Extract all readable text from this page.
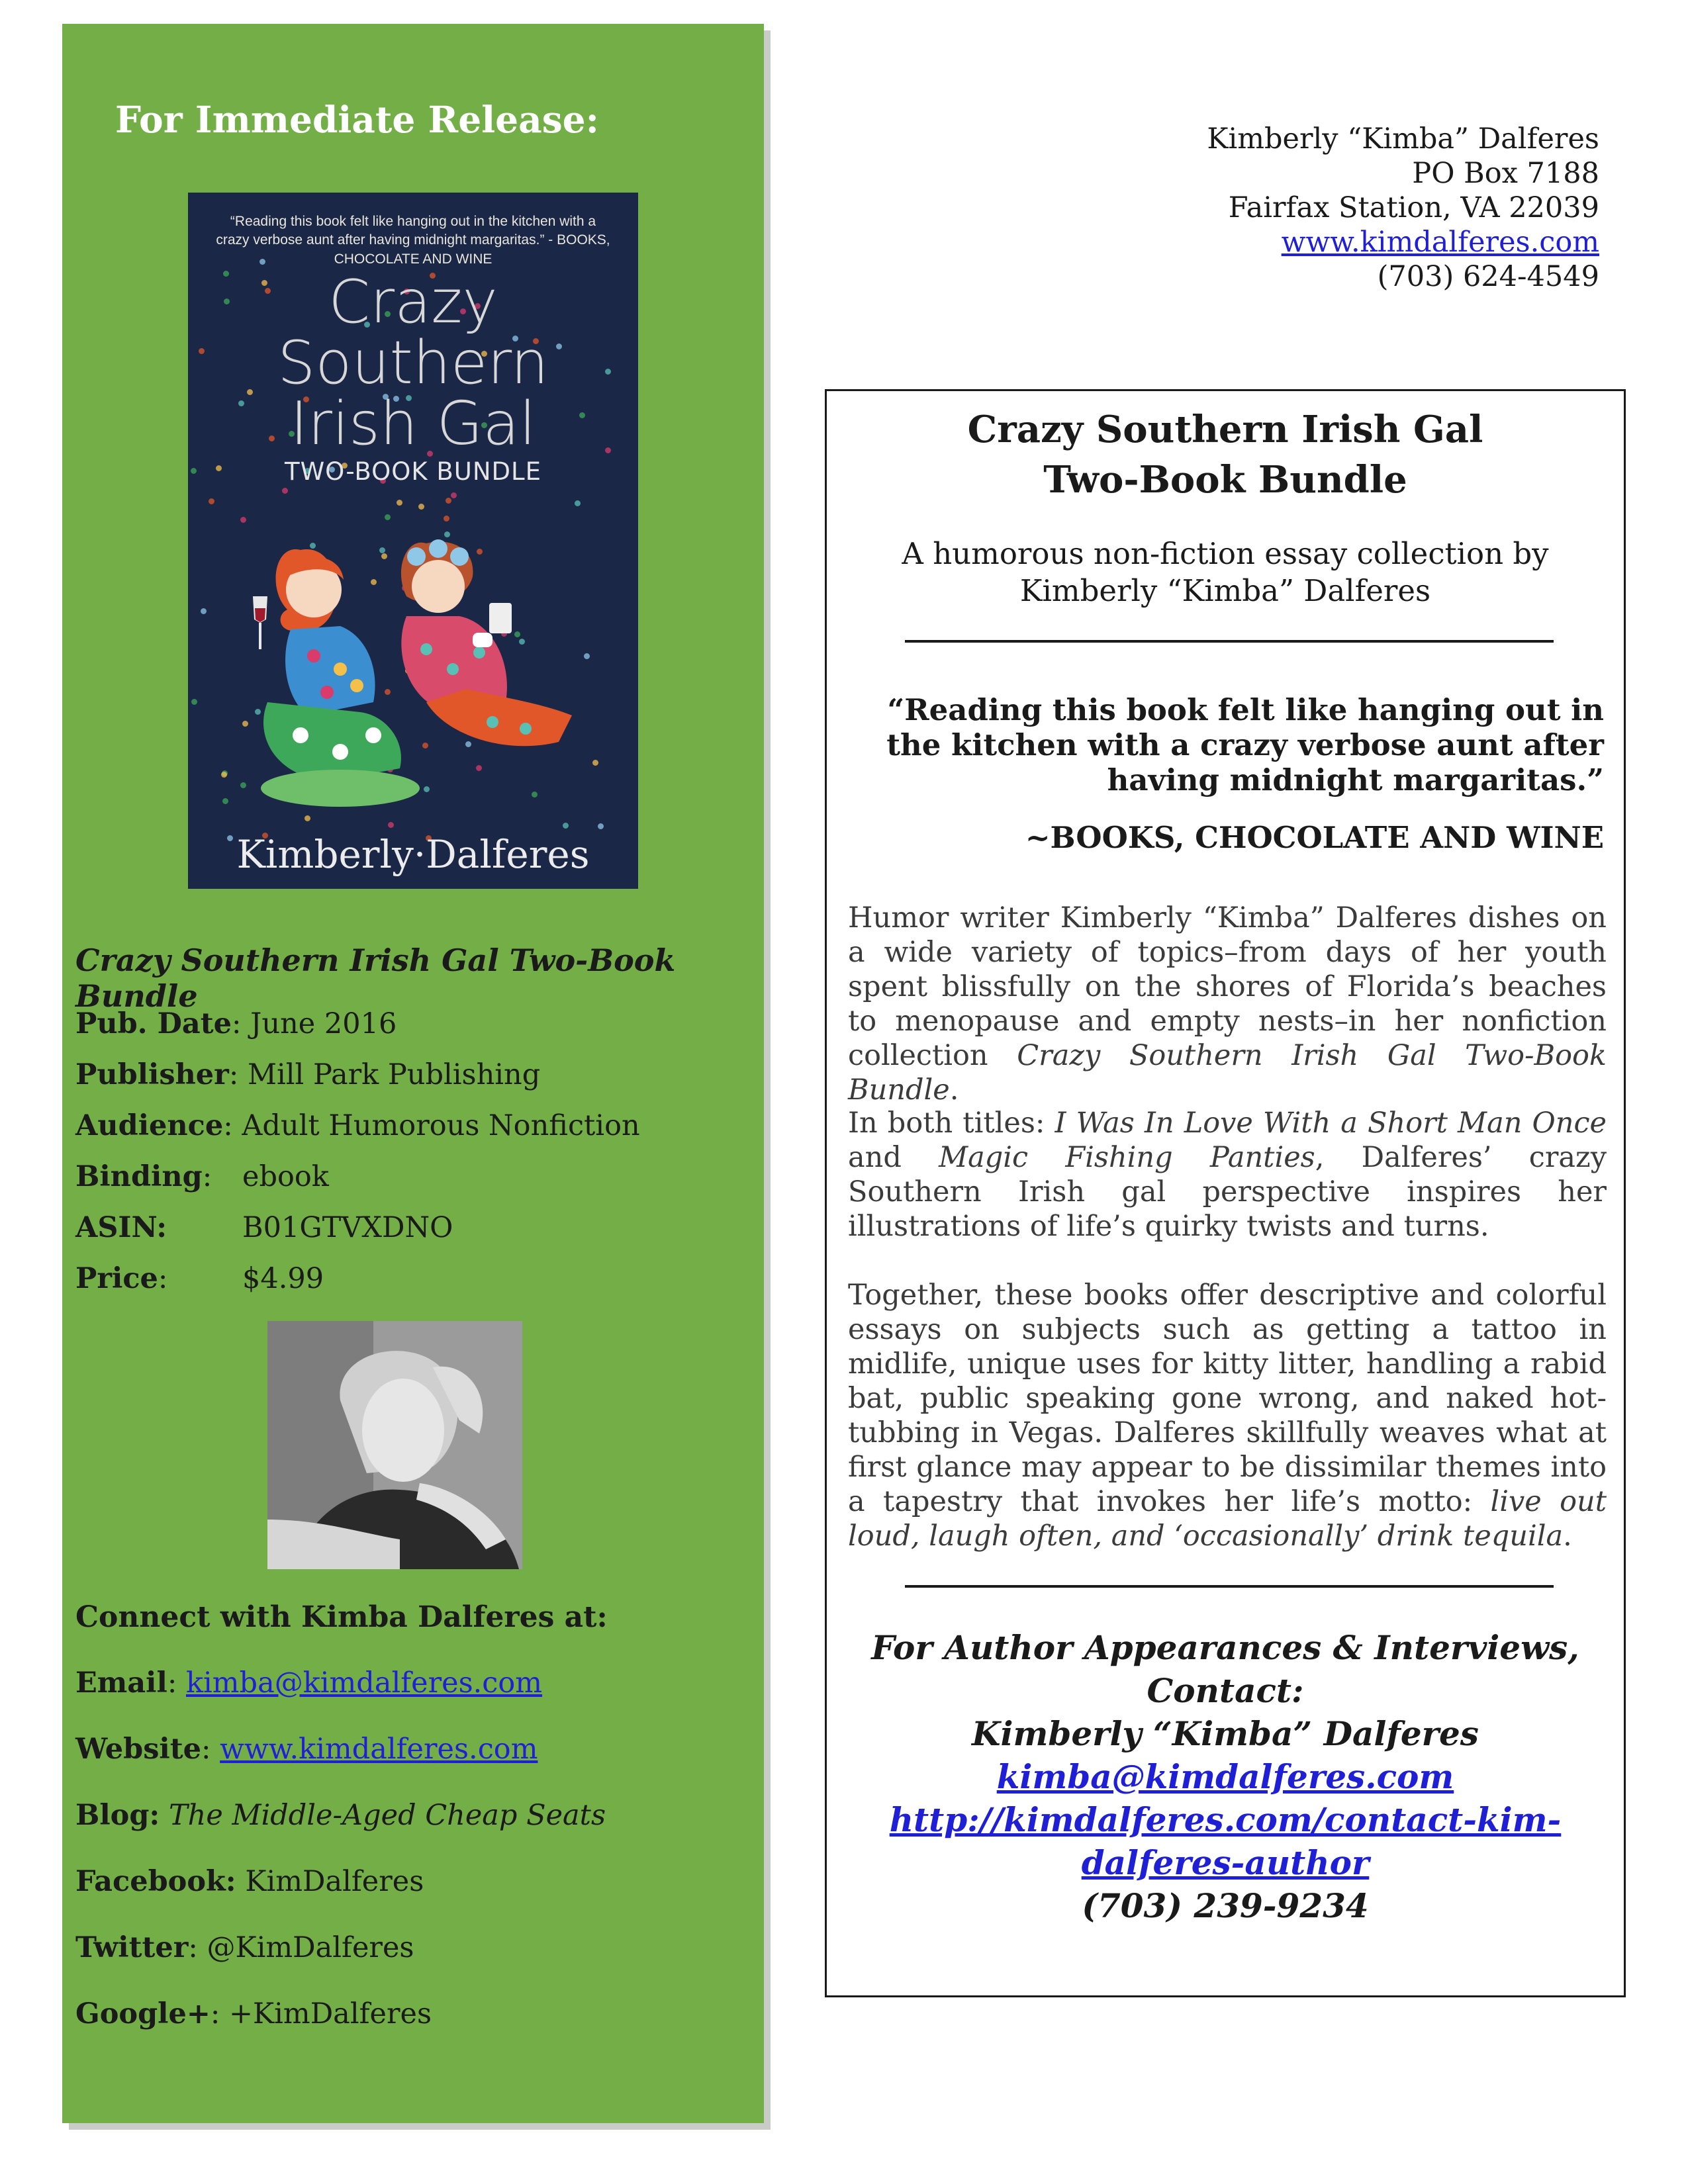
For Immediate Release:
“Reading this book felt like hanging out in the kitchen with a crazy verbose aunt after having midnight margaritas.” - BOOKS, CHOCOLATE AND WINE
Crazy
Southern
Irish Gal
TWO-BOOK BUNDLE
Kimberly·Dalferes
Crazy Southern Irish Gal Two-Book Bundle
Pub. Date: June 2016
Publisher: Mill Park Publishing
Audience: Adult Humorous Nonfiction
Binding: ebook
ASIN:	B01GTVXDNO
Price:	$4.99
Connect with Kimba Dalferes at:
Email: kimba@kimdalferes.com
Website: www.kimdalferes.com
Blog: The Middle-Aged Cheap Seats
Facebook: KimDalferes
Twitter: @KimDalferes
Google+: +KimDalferes
Kimberly “Kimba” Dalferes
PO Box 7188
Fairfax Station, VA 22039
www.kimdalferes.com
(703) 624-4549
Crazy Southern Irish Gal
Two-Book Bundle
A humorous non-fiction essay collection by
Kimberly “Kimba” Dalferes
“Reading this book felt like hanging out in the kitchen with a crazy verbose aunt after having midnight margaritas.”
~BOOKS, CHOCOLATE AND WINE

Humor writer Kimberly “Kimba” Dalferes dishes on a wide variety of topics–from days of her youth spent blissfully on the shores of Florida’s beaches to menopause and empty nests–in her nonfiction collection Crazy Southern Irish Gal Two-Book Bundle.

In both titles: I Was In Love With a Short Man Once and Magic Fishing Panties, Dalferes’ crazy Southern Irish gal perspective inspires her illustrations of life’s quirky twists and turns.

Together, these books offer descriptive and colorful essays on subjects such as getting a tattoo in midlife, unique uses for kitty litter, handling a rabid bat, public speaking gone wrong, and naked hot-tubbing in Vegas. Dalferes skillfully weaves what at first glance may appear to be dissimilar themes into a tapestry that invokes her life’s motto: live out loud, laugh often, and ‘occasionally’ drink tequila.

For Author Appearances & Interviews,
Contact:
Kimberly “Kimba” Dalferes
kimba@kimdalferes.com
http://kimdalferes.com/contact-kim-
dalferes-author
(703) 239-9234
